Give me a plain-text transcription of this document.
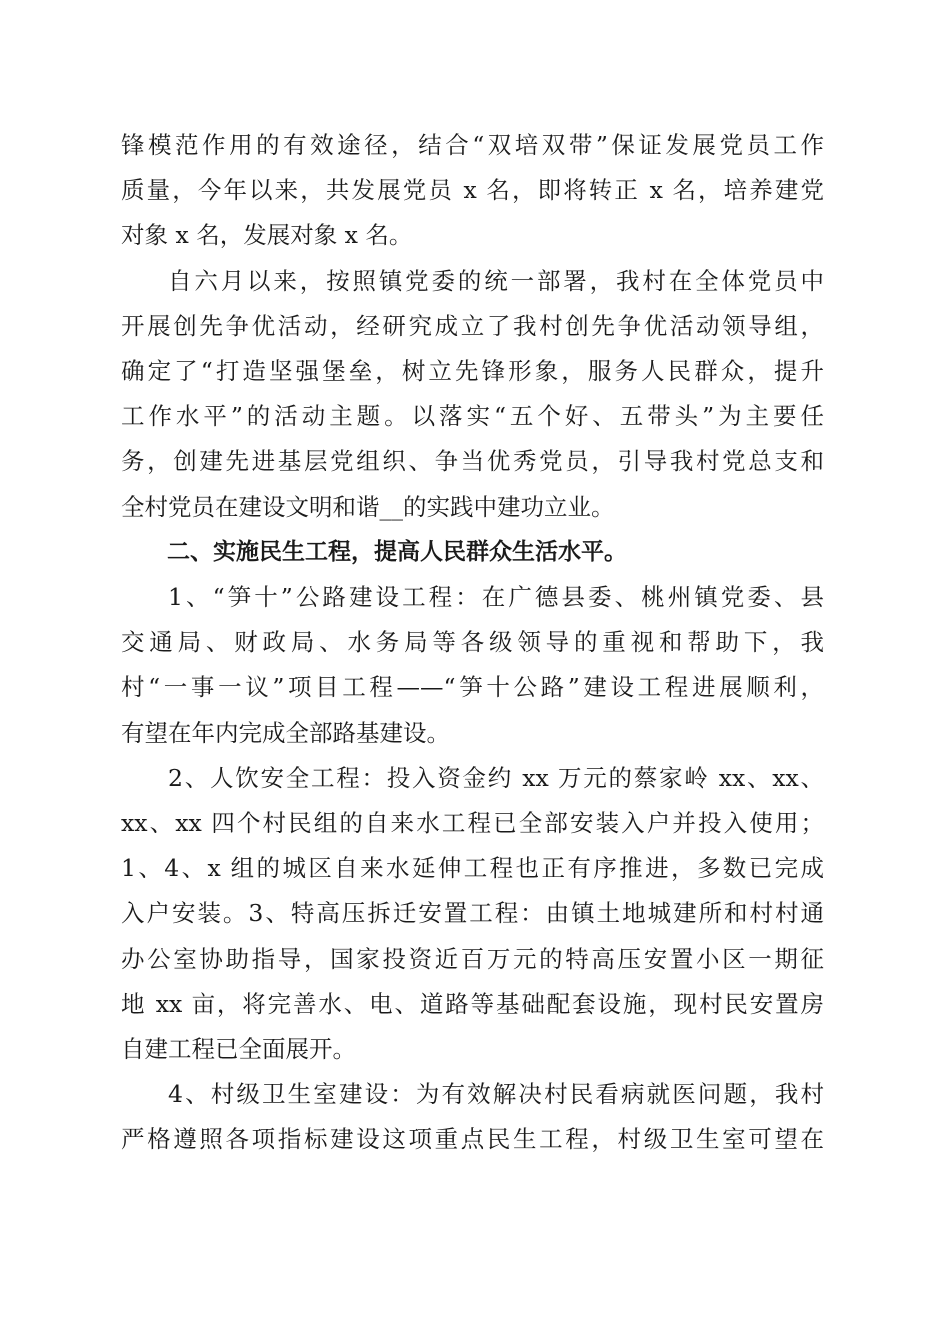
锋模范作用的有效途径，结合“双培双带”保证发展党员工作
质量，今年以来，共发展党员 x 名，即将转正 x 名，培养建党
对象 x 名，发展对象 x 名。

自六月以来，按照镇党委的统一部署，我村在全体党员中
开展创先争优活动，经研究成立了我村创先争优活动领导组，
确定了“打造坚强堡垒，树立先锋形象，服务人民群众，提升
工作水平”的活动主题。以落实“五个好、五带头”为主要任
务，创建先进基层党组织、争当优秀党员，引导我村党总支和
全村党员在建设文明和谐__的实践中建功立业。

二、实施民生工程，提高人民群众生活水平。

1、“笋十”公路建设工程：在广德县委、桃州镇党委、县
交通局、财政局、水务局等各级领导的重视和帮助下，我
村“一事一议”项目工程——“笋十公路”建设工程进展顺利，
有望在年内完成全部路基建设。

2、人饮安全工程：投入资金约 xx 万元的蔡家岭 xx、xx、
xx、xx 四个村民组的自来水工程已全部安装入户并投入使用；
1、4、x 组的城区自来水延伸工程也正有序推进，多数已完成
入户安装。3、特高压拆迁安置工程：由镇土地城建所和村村通
办公室协助指导，国家投资近百万元的特高压安置小区一期征
地 xx 亩，将完善水、电、道路等基础配套设施，现村民安置房
自建工程已全面展开。

4、村级卫生室建设：为有效解决村民看病就医问题，我村
严格遵照各项指标建设这项重点民生工程，村级卫生室可望在
